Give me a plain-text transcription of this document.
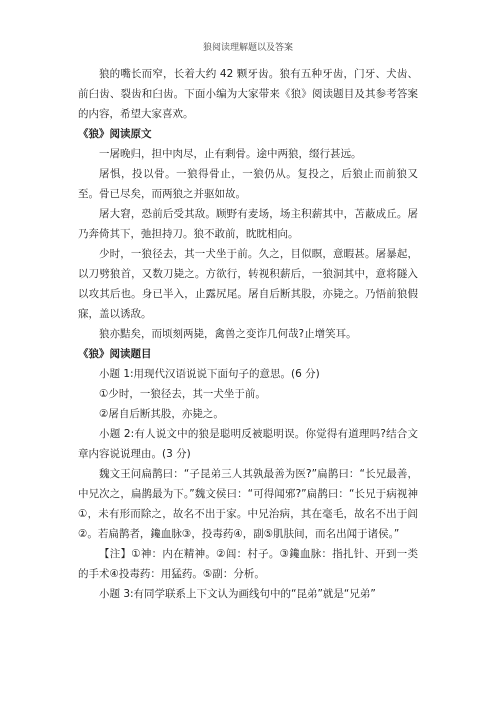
狼阅读理解题以及答案

狼的嘴长而窄，长着大约 42 颗牙齿。狼有五种牙齿，门牙、犬齿、前臼齿、裂齿和臼齿。下面小编为大家带来《狼》阅读题目及其参考答案的内容，希望大家喜欢。

《狼》阅读原文

一屠晚归，担中肉尽，止有剩骨。途中两狼，缀行甚远。

屠惧，投以骨。一狼得骨止，一狼仍从。复投之，后狼止而前狼又至。骨已尽矣，而两狼之并驱如故。

屠大窘，恐前后受其敌。顾野有麦场，场主积薪其中，苫蔽成丘。屠乃奔倚其下，弛担持刀。狼不敢前，眈眈相向。

少时，一狼径去，其一犬坐于前。久之，目似瞑，意暇甚。屠暴起，以刀劈狼首，又数刀毙之。方欲行，转视积薪后，一狼洞其中，意将隧入以攻其后也。身已半入，止露尻尾。屠自后断其股，亦毙之。乃悟前狼假寐，盖以诱敌。

狼亦黠矣，而顷刻两毙，禽兽之变诈几何哉?止增笑耳。

《狼》阅读题目

小题 1:用现代汉语说说下面句子的意思。(6 分)

①少时，一狼径去，其一犬坐于前。

②屠自后断其股，亦毙之。

小题 2:有人说文中的狼是聪明反被聪明误。你觉得有道理吗?结合文章内容说说理由。(3 分)

魏文王问扁鹊曰：“子昆弟三人其孰最善为医?”扁鹊曰：“长兄最善，中兄次之，扁鹊最为下。”魏文侯曰：“可得闻邪?”扁鹊曰：“长兄于病视神①，未有形而除之，故名不出于家。中兄治病，其在毫毛，故名不出于闾②。若扁鹊者，鑱血脉③，投毒药④，副⑤肌肤间，而名出闻于诸侯。”

【注】①神：内在精神。②闾：村子。③鑱血脉：指扎针、开到一类的手术④投毒药：用猛药。⑤副：分析。

小题 3:有同学联系上下文认为画线句中的“昆弟”就是“兄弟”
